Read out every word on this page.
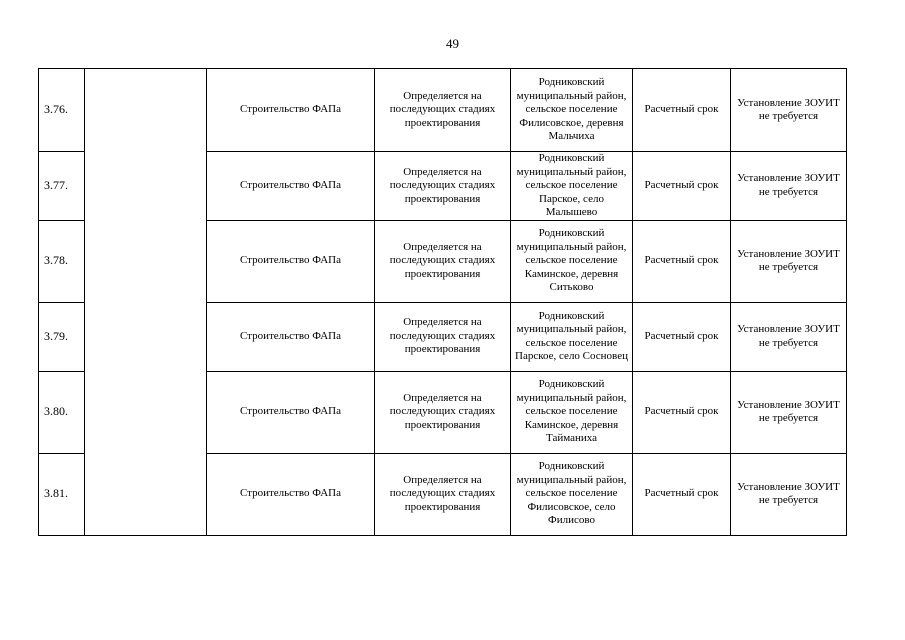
49
3.76.		Строительство ФАПа	Определяется на последующих стадиях проектирования	Родниковский муниципальный район, сельское поселение Филисовское, деревня Мальчиха	Расчетный срок	Установление ЗОУИТ не требуется
3.77.		Строительство ФАПа	Определяется на последующих стадиях проектирования	Родниковский муниципальный район, сельское поселение Парское, село Малышево	Расчетный срок	Установление ЗОУИТ не требуется
3.78.		Строительство ФАПа	Определяется на последующих стадиях проектирования	Родниковский муниципальный район, сельское поселение Каминское, деревня Ситьково	Расчетный срок	Установление ЗОУИТ не требуется
3.79.		Строительство ФАПа	Определяется на последующих стадиях проектирования	Родниковский муниципальный район, сельское поселение Парское, село Сосновец	Расчетный срок	Установление ЗОУИТ не требуется
3.80.		Строительство ФАПа	Определяется на последующих стадиях проектирования	Родниковский муниципальный район, сельское поселение Каминское, деревня Тайманиха	Расчетный срок	Установление ЗОУИТ не требуется
3.81.		Строительство ФАПа	Определяется на последующих стадиях проектирования	Родниковский муниципальный район, сельское поселение Филисовское, село Филисово	Расчетный срок	Установление ЗОУИТ не требуется
